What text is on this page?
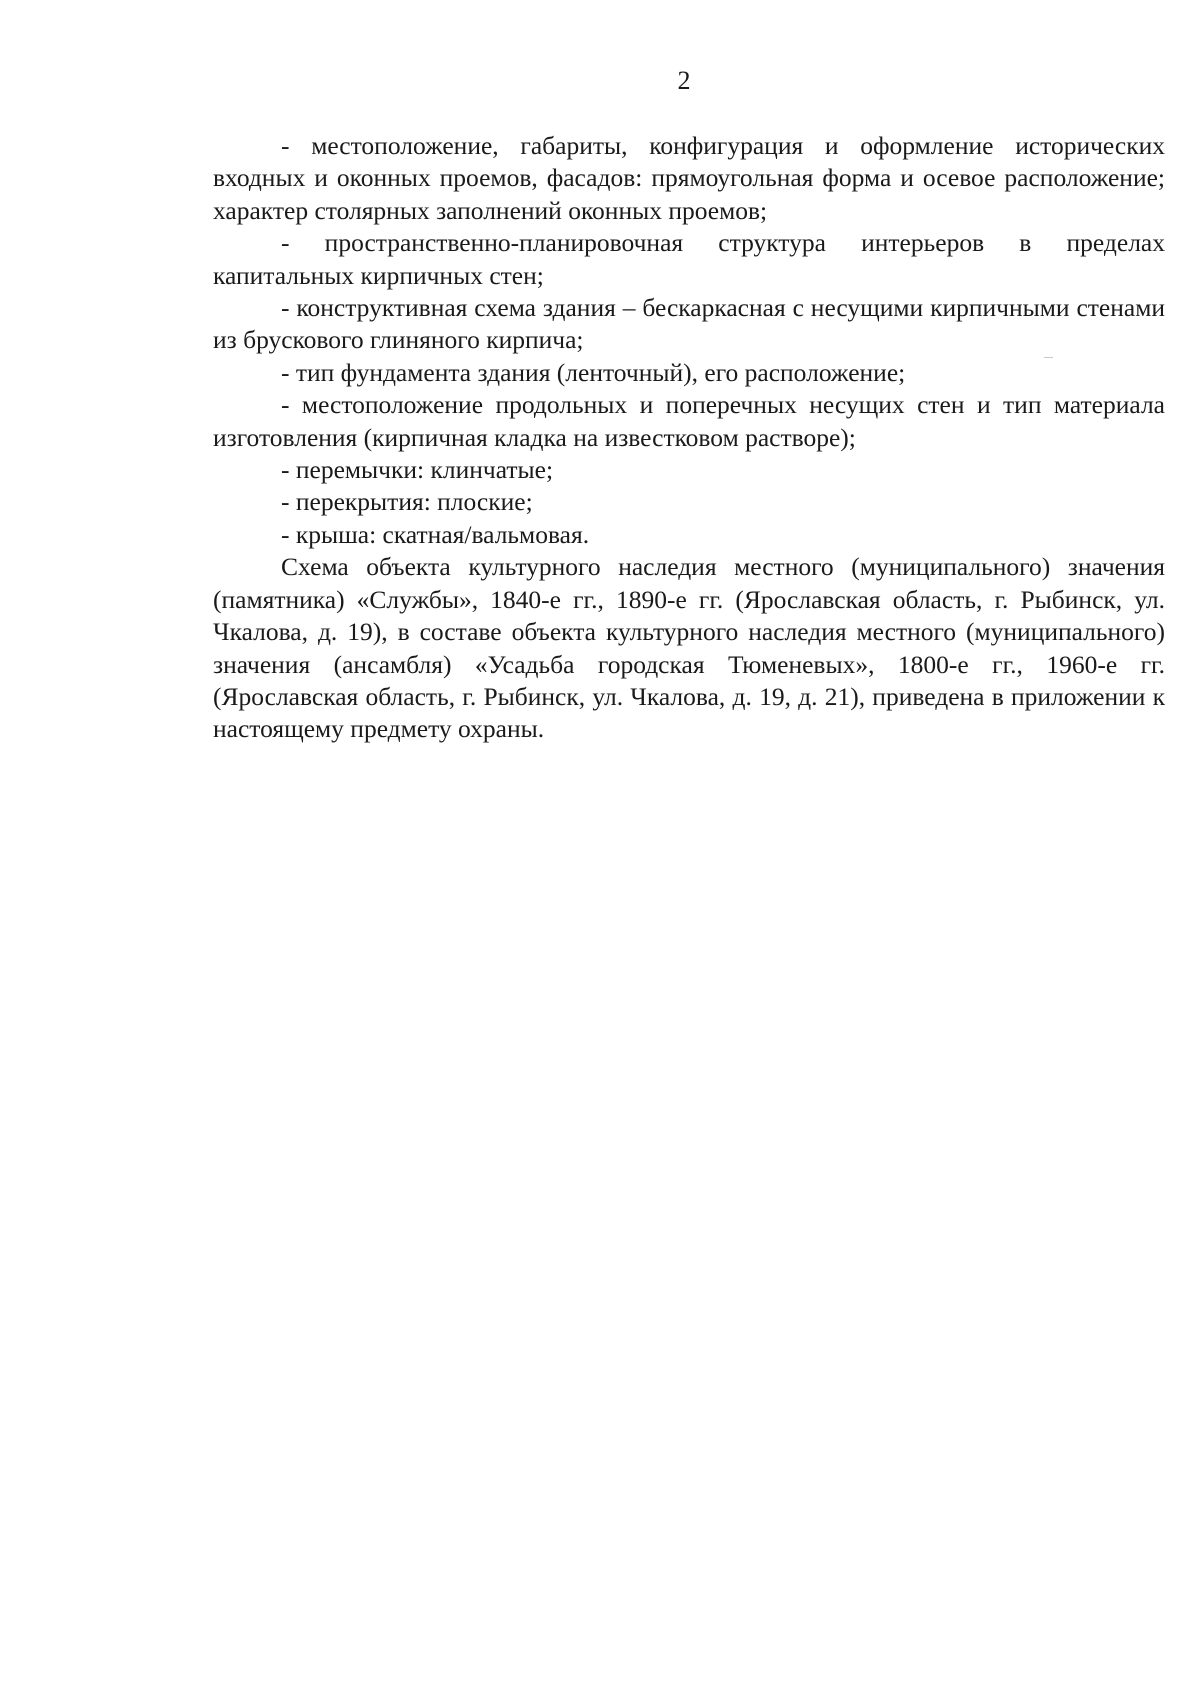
2

- местоположение, габариты, конфигурация и оформление исторических входных и оконных проемов, фасадов: прямоугольная форма и осевое расположение; характер столярных заполнений оконных проемов;

- пространственно-планировочная структура интерьеров в пределах капитальных кирпичных стен;

- конструктивная схема здания – бескаркасная с несущими кирпичными стенами из брускового глиняного кирпича;

- тип фундамента здания (ленточный), его расположение;

- местоположение продольных и поперечных несущих стен и тип материала изготовления (кирпичная кладка на известковом растворе);

- перемычки: клинчатые;

- перекрытия: плоские;

- крыша: скатная/вальмовая.

Схема объекта культурного наследия местного (муниципального) значения (памятника) «Службы», 1840-е гг., 1890-е гг. (Ярославская область, г. Рыбинск, ул. Чкалова, д. 19), в составе объекта культурного наследия местного (муниципального) значения (ансамбля) «Усадьба городская Тюменевых», 1800-е гг., 1960-е гг. (Ярославская область, г. Рыбинск, ул. Чкалова, д. 19, д. 21), приведена в приложении к настоящему предмету охраны.
